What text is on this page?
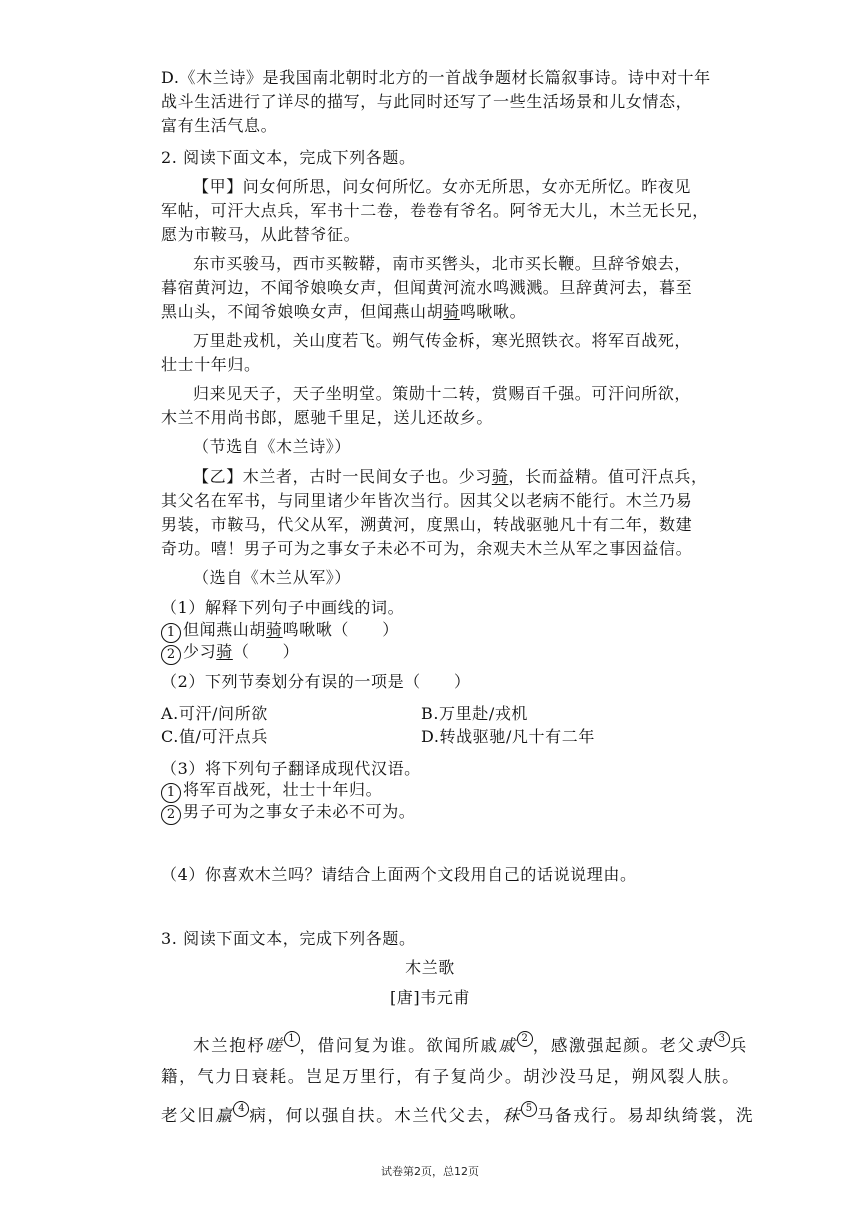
D.《木兰诗》是我国南北朝时北方的一首战争题材长篇叙事诗。诗中对十年
战斗生活进行了详尽的描写，与此同时还写了一些生活场景和儿女情态，
富有生活气息。
2. 阅读下面文本，完成下列各题。
【甲】问女何所思，问女何所忆。女亦无所思，女亦无所忆。昨夜见
军帖，可汗大点兵，军书十二卷，卷卷有爷名。阿爷无大儿，木兰无长兄，
愿为市鞍马，从此替爷征。
东市买骏马，西市买鞍鞯，南市买辔头，北市买长鞭。旦辞爷娘去，
暮宿黄河边，不闻爷娘唤女声，但闻黄河流水鸣溅溅。旦辞黄河去，暮至
黑山头，不闻爷娘唤女声，但闻燕山胡骑鸣啾啾。
万里赴戎机，关山度若飞。朔气传金柝，寒光照铁衣。将军百战死，
壮士十年归。
归来见天子，天子坐明堂。策勋十二转，赏赐百千强。可汗问所欲，
木兰不用尚书郎，愿驰千里足，送儿还故乡。
（节选自《木兰诗》）
【乙】木兰者，古时一民间女子也。少习骑，长而益精。值可汗点兵，
其父名在军书，与同里诸少年皆次当行。因其父以老病不能行。木兰乃易
男装，市鞍马，代父从军，溯黄河，度黑山，转战驱驰凡十有二年，数建
奇功。嘻！男子可为之事女子未必不可为，余观夫木兰从军之事因益信。
（选自《木兰从军》）
（1）解释下列句子中画线的词。
1 但闻燕山胡骑鸣啾啾（　　）
2 少习骑（　　）
（2）下列节奏划分有误的一项是（　　）
A.可汗/问所欲	B.万里赴/戎机
C.值/可汗点兵	D.转战驱驰/凡十有二年
（3）将下列句子翻译成现代汉语。
1 将军百战死，壮士十年归。
2 男子可为之事女子未必不可为。
（4）你喜欢木兰吗？请结合上面两个文段用自己的话说说理由。
3. 阅读下面文本，完成下列各题。
木兰歌
[唐]韦元甫
木兰抱杼嗟 1 ，借问复为谁。欲闻所戚戚 2 ，感激强起颜。老父隶 3 兵
籍，气力日衰耗。岂足万里行，有子复尚少。胡沙没马足，朔风裂人肤。
老父旧羸 4 病，何以强自扶。木兰代父去，秣 5 马备戎行。易却纨绮裳，洗
试卷第2页，总12页
